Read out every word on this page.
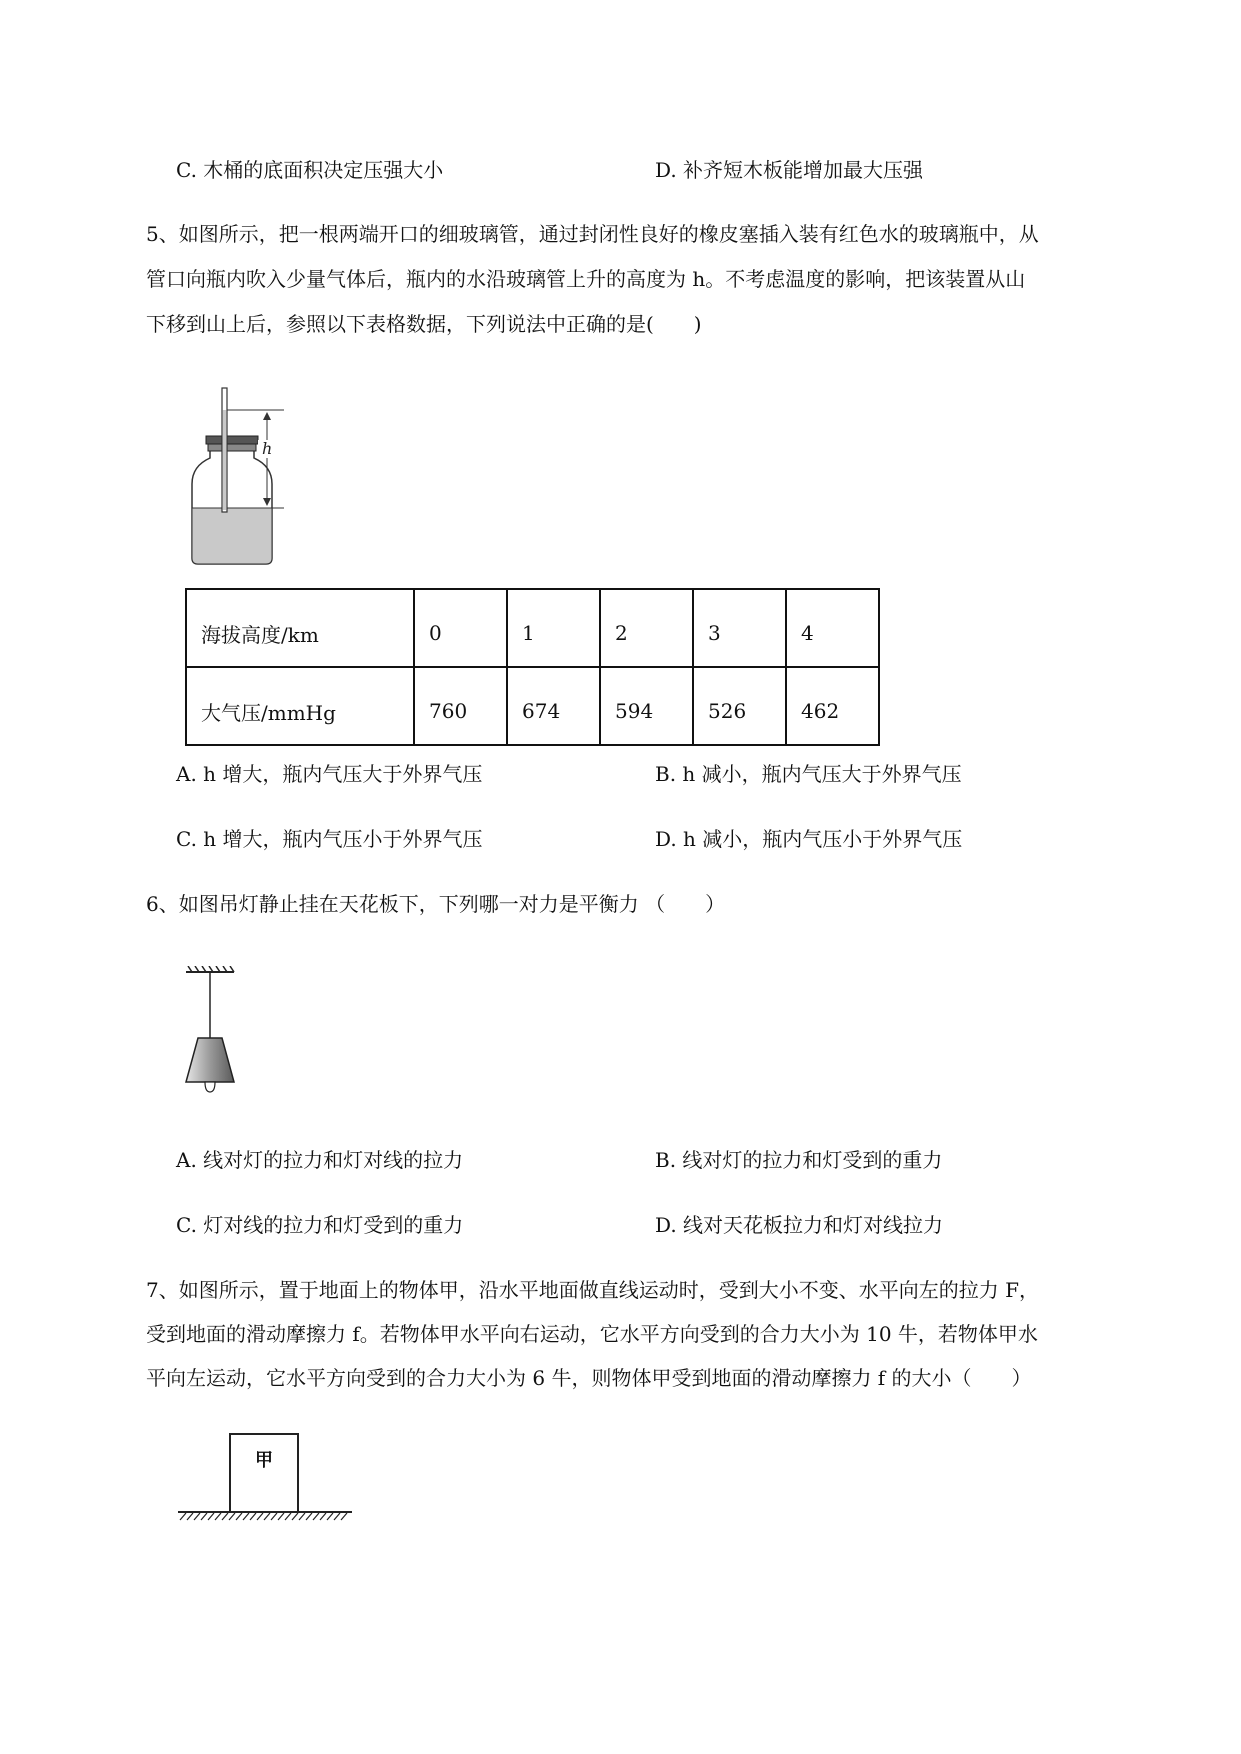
C. 木桶的底面积决定压强大小	D. 补齐短木板能增加最大压强
5、如图所示，把一根两端开口的细玻璃管，通过封闭性良好的橡皮塞插入装有红色水的玻璃瓶中，从
管口向瓶内吹入少量气体后，瓶内的水沿玻璃管上升的高度为 h。不考虑温度的影响，把该装置从山
下移到山上后，参照以下表格数据，下列说法中正确的是(　　)
h
海拔高度/km	0	1	2	3	4
大气压/mmHg	760	674	594	526	462
A. h 增大，瓶内气压大于外界气压	B. h 减小，瓶内气压大于外界气压
C. h 增大，瓶内气压小于外界气压	D. h 减小，瓶内气压小于外界气压
6、如图吊灯静止挂在天花板下，下列哪一对力是平衡力 （　　）
A. 线对灯的拉力和灯对线的拉力	B. 线对灯的拉力和灯受到的重力
C. 灯对线的拉力和灯受到的重力	D. 线对天花板拉力和灯对线拉力
7、如图所示，置于地面上的物体甲，沿水平地面做直线运动时，受到大小不变、水平向左的拉力 F，
受到地面的滑动摩擦力 f。若物体甲水平向右运动，它水平方向受到的合力大小为 10 牛，若物体甲水
平向左运动，它水平方向受到的合力大小为 6 牛，则物体甲受到地面的滑动摩擦力 f 的大小（　　）
甲
